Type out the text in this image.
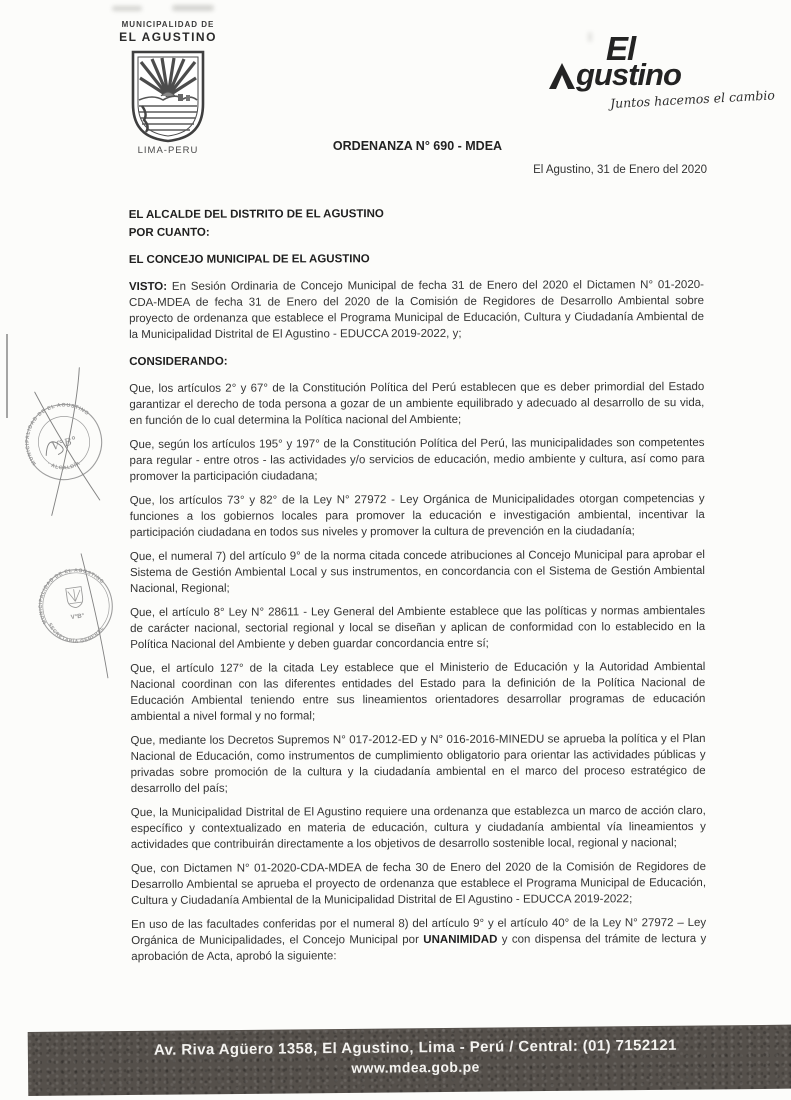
MUNICIPALIDAD DE
EL AGUSTINO
LIMA-PERU
El
gustino
Juntos hacemos el cambio
ORDENANZA N° 690 - MDEA
El Agustino, 31 de Enero del 2020

EL ALCALDE DEL DISTRITO DE EL AGUSTINO

POR CUANTO:

EL CONCEJO MUNICIPAL DE EL AGUSTINO

VISTO: En Sesión Ordinaria de Concejo Municipal de fecha 31 de Enero del 2020 el Dictamen N° 01-2020-CDA-MDEA de fecha 31 de Enero del 2020 de la Comisión de Regidores de Desarrollo Ambiental sobre proyecto de ordenanza que establece el Programa Municipal de Educación, Cultura y Ciudadanía Ambiental de la Municipalidad Distrital de El Agustino - EDUCCA 2019-2022, y;

CONSIDERANDO:

Que, los artículos 2° y 67° de la Constitución Política del Perú establecen que es deber primordial del Estado garantizar el derecho de toda persona a gozar de un ambiente equilibrado y adecuado al desarrollo de su vida, en función de lo cual determina la Política nacional del Ambiente;

Que, según los artículos 195° y 197° de la Constitución Política del Perú, las municipalidades son competentes para regular - entre otros - las actividades y/o servicios de educación, medio ambiente y cultura, así como para promover la participación ciudadana;

Que, los artículos 73° y 82° de la Ley N° 27972 - Ley Orgánica de Municipalidades otorgan competencias y funciones a los gobiernos locales para promover la educación e investigación ambiental, incentivar la participación ciudadana en todos sus niveles y promover la cultura de prevención en la ciudadanía;

Que, el numeral 7) del artículo 9° de la norma citada concede atribuciones al Concejo Municipal para aprobar el Sistema de Gestión Ambiental Local y sus instrumentos, en concordancia con el Sistema de Gestión Ambiental Nacional, Regional;

Que, el artículo 8° Ley N° 28611 - Ley General del Ambiente establece que las políticas y normas ambientales de carácter nacional, sectorial regional y local se diseñan y aplican de conformidad con lo establecido en la Política Nacional del Ambiente y deben guardar concordancia entre sí;

Que, el artículo 127° de la citada Ley establece que el Ministerio de Educación y la Autoridad Ambiental Nacional coordinan con las diferentes entidades del Estado para la definición de la Política Nacional de Educación Ambiental teniendo entre sus lineamientos orientadores desarrollar programas de educación ambiental a nivel formal y no formal;

Que, mediante los Decretos Supremos N° 017-2012-ED y N° 016-2016-MINEDU se aprueba la política y el Plan Nacional de Educación, como instrumentos de cumplimiento obligatorio para orientar las actividades públicas y privadas sobre promoción de la cultura y la ciudadanía ambiental en el marco del proceso estratégico de desarrollo del país;

Que, la Municipalidad Distrital de El Agustino requiere una ordenanza que establezca un marco de acción claro, específico y contextualizado en materia de educación, cultura y ciudadanía ambiental vía lineamientos y actividades que contribuirán directamente a los objetivos de desarrollo sostenible local, regional y nacional;

Que, con Dictamen N° 01-2020-CDA-MDEA de fecha 30 de Enero del 2020 de la Comisión de Regidores de Desarrollo Ambiental se aprueba el proyecto de ordenanza que establece el Programa Municipal de Educación, Cultura y Ciudadanía Ambiental de la Municipalidad Distrital de El Agustino - EDUCCA 2019-2022;

En uso de las facultades conferidas por el numeral 8) del artículo 9° y el artículo 40° de la Ley N° 27972 – Ley Orgánica de Municipalidades, el Concejo Municipal por UNANIMIDAD y con dispensa del trámite de lectura y aprobación de Acta, aprobó la siguiente:

MUNICIPALIDAD DE EL AGUSTINO
· ALCALDÍA ·
V°B°
MUNICIPALIDAD DE EL AGUSTINO
SECRETARÍA GENERAL
V°B°
Av. Riva Agüero 1358, El Agustino, Lima - Perú / Central: (01) 7152121
www.mdea.gob.pe
